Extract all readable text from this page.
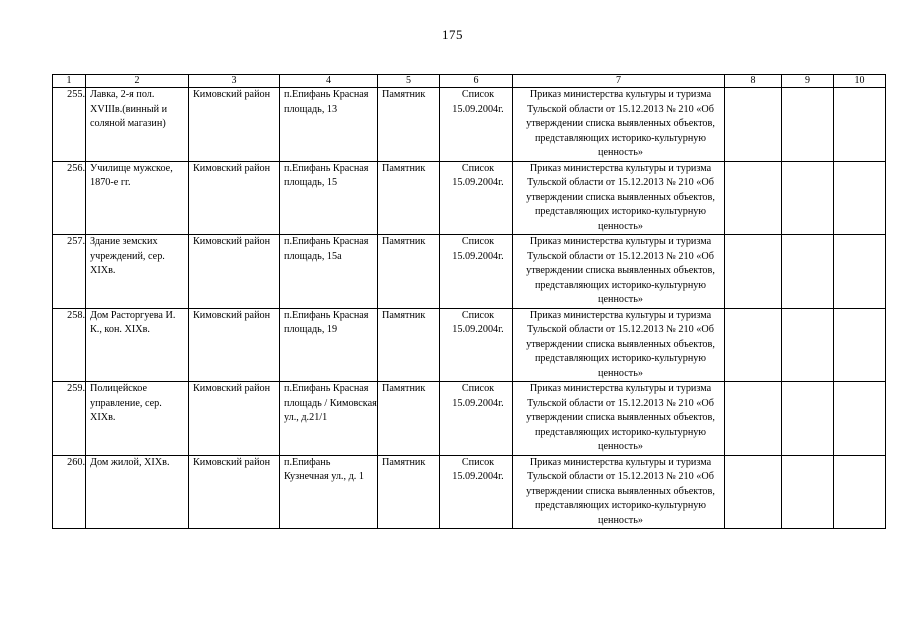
175
1	2	3	4	5	6	7	8	9	10
255.	Лавка, 2-я пол. XVIIIв.(винный и соляной магазин)	Кимовский район	п.Епифань Красная площадь, 13	Памятник	Список 15.09.2004г.	Приказ министерства культуры и туризма Тульской области от 15.12.2013 № 210 «Об утверждении списка выявленных объектов, представляющих историко-культурную ценность»			
256.	Училище мужское, 1870-е гг.	Кимовский район	п.Епифань Красная площадь, 15	Памятник	Список 15.09.2004г.	Приказ министерства культуры и туризма Тульской области от 15.12.2013 № 210 «Об утверждении списка выявленных объектов, представляющих историко-культурную ценность»			
257.	Здание земских учреждений, сер. XIXв.	Кимовский район	п.Епифань Красная площадь, 15а	Памятник	Список 15.09.2004г.	Приказ министерства культуры и туризма Тульской области от 15.12.2013 № 210 «Об утверждении списка выявленных объектов, представляющих историко-культурную ценность»			
258.	Дом Расторгуева И. К., кон. XIXв.	Кимовский район	п.Епифань Красная площадь, 19	Памятник	Список 15.09.2004г.	Приказ министерства культуры и туризма Тульской области от 15.12.2013 № 210 «Об утверждении списка выявленных объектов, представляющих историко-культурную ценность»			
259.	Полицейское управление, сер. XIXв.	Кимовский район	п.Епифань Красная площадь / Кимовская ул., д.21/1	Памятник	Список 15.09.2004г.	Приказ министерства культуры и туризма Тульской области от 15.12.2013 № 210 «Об утверждении списка выявленных объектов, представляющих историко-культурную ценность»			
260.	Дом жилой, XIXв.	Кимовский район	п.Епифань Кузнечная ул., д. 1	Памятник	Список 15.09.2004г.	Приказ министерства культуры и туризма Тульской области от 15.12.2013 № 210 «Об утверждении списка выявленных объектов, представляющих историко-культурную ценность»			
